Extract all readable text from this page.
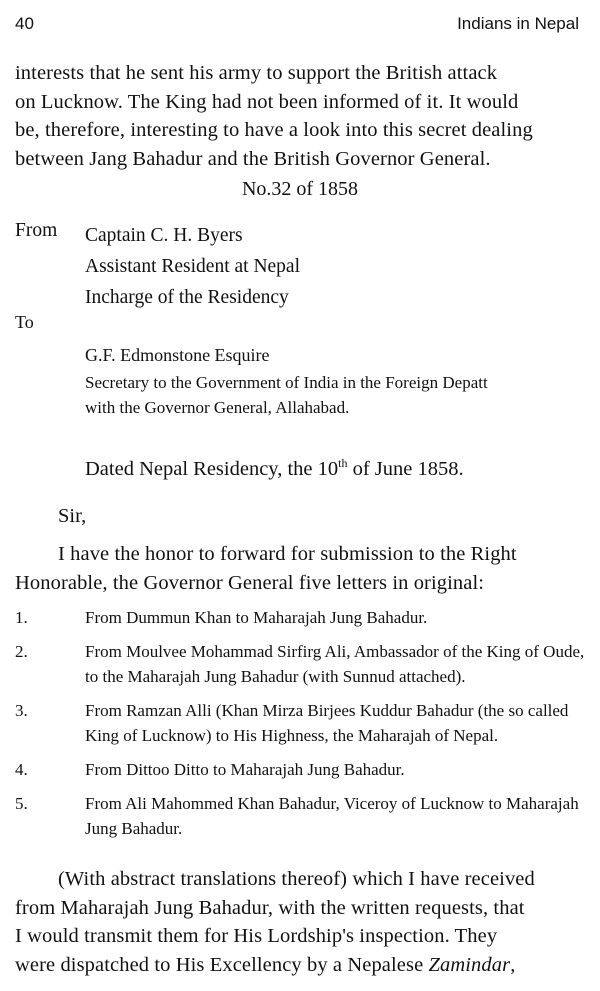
40	Indians in Nepal
interests that he sent his army to support the British attack
on Lucknow. The King had not been informed of it. It would
be, therefore, interesting to have a look into this secret dealing
between Jang Bahadur and the British Governor General.
No.32 of 1858
From Captain C. H. Byers
Assistant Resident at Nepal
Incharge of the Residency
To
G.F. Edmonstone Esquire
Secretary to the Government of India in the Foreign Depatt
with the Governor General, Allahabad.
Dated Nepal Residency, the 10th of June 1858.
Sir,
I have the honor to forward for submission to the Right
Honorable, the Governor General five letters in original:
1.	From Dummun Khan to Maharajah Jung Bahadur.
2.	From Moulvee Mohammad Sirfirg Ali, Ambassador of the King of Oude, to the Maharajah Jung Bahadur (with Sunnud attached).
3.	From Ramzan Alli (Khan Mirza Birjees Kuddur Bahadur (the so called King of Lucknow) to His Highness, the Maharajah of Nepal.
4.	From Dittoo Ditto to Maharajah Jung Bahadur.
5.	From Ali Mahommed Khan Bahadur, Viceroy of Lucknow to Maharajah Jung Bahadur.
(With abstract translations thereof) which I have received
from Maharajah Jung Bahadur, with the written requests, that
I would transmit them for His Lordship's inspection. They
were dispatched to His Excellency by a Nepalese Zamindar,
